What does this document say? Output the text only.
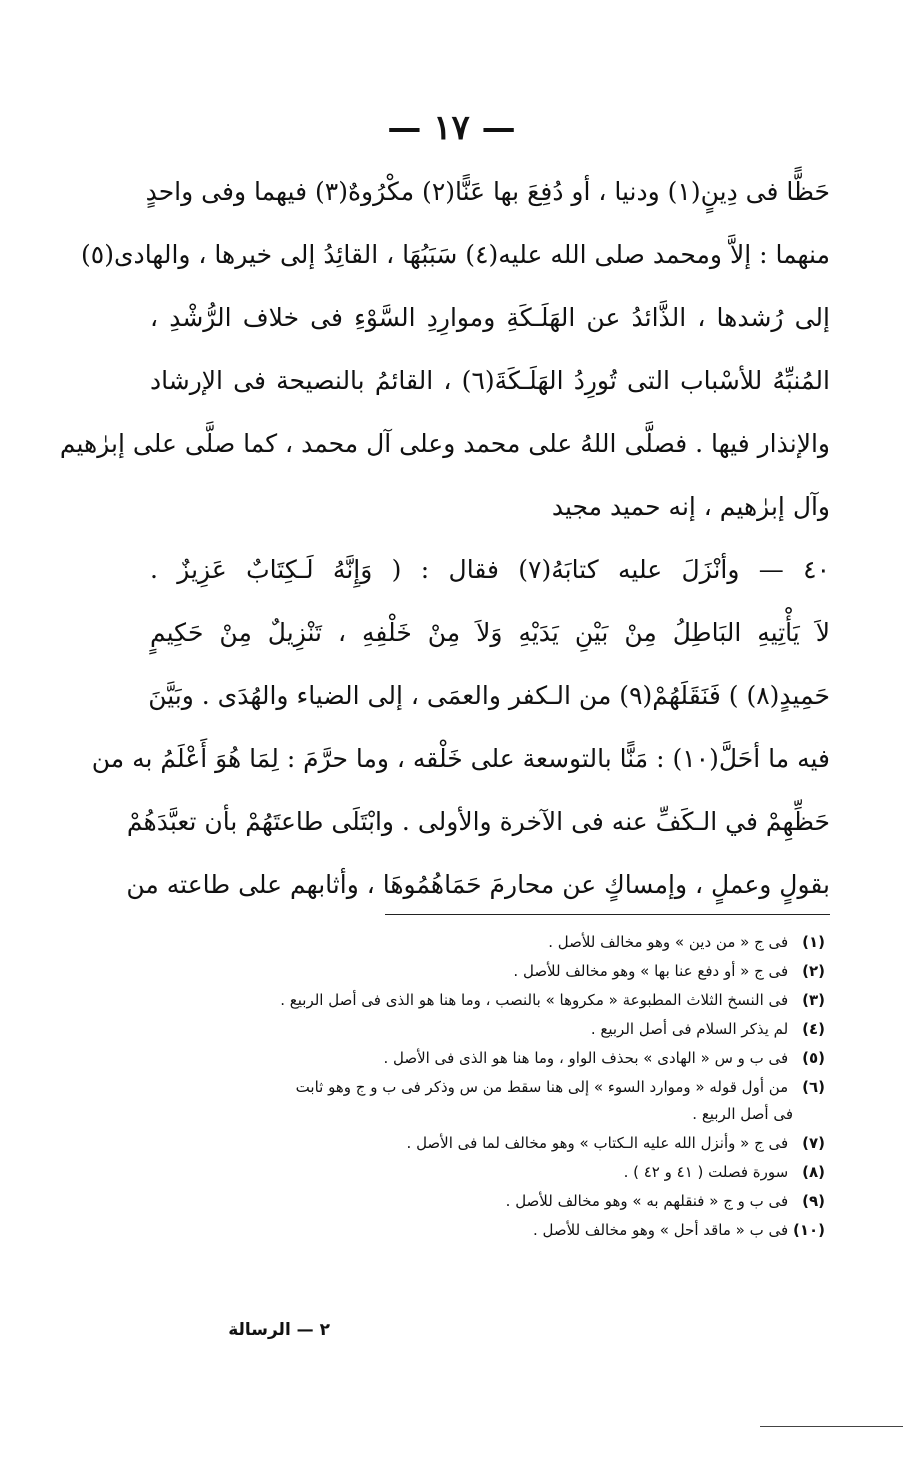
— ١٧ —
حَظًّا فى دِينٍ(١) ودنيا ، أو دُفِعَ بها عَنًّا(٢) مكْرُوهٌ(٣) فيهما وفى واحدٍ
منهما : إلاَّ ومحمد صلى الله عليه(٤) سَبَبُهَا ، القائِدُ إلى خيرها ، والهادى(٥)
إلى رُشدها ، الذَّائدُ عن الهَلَـكَةِ وموارِدِ السَّوْءِ فى خلاف الرُّشْدِ ،
المُنبِّهُ للأسْباب التى تُورِدُ الهَلَـكَةَ(٦) ، القائمُ بالنصيحة فى الإرشاد
والإنذار فيها . فصلَّى اللهُ على محمد وعلى آل محمد ، كما صلَّى على إبرٰهيم
وآل إبرٰهيم ، إنه حميد مجيد
٤٠ — وأنْزَلَ عليه كتابَهُ(٧) فقال : ( وَإِنَّهُ لَـكِتَابٌ عَزِيزٌ .
لاَ يَأْتِيهِ البَاطِلُ مِنْ بَيْنِ يَدَيْهِ وَلاَ مِنْ خَلْفِهِ ، تَنْزِيلٌ مِنْ حَكِيمٍ
حَمِيدٍ(٨) ) فَنَقَلَهُمْ(٩) من الـكفر والعمَى ، إلى الضياء والهُدَى . وبَيَّنَ
فيه ما أحَلَّ(١٠) : مَنًّا بالتوسعة على خَلْقه ، وما حرَّمَ : لِمَا هُوَ أَعْلَمُ به من
حَظِّهِمْ في الـكَفِّ عنه فى الآخرة والأولى . وابْتَلَى طاعتَهُمْ بأن تعبَّدَهُمْ
بقولٍ وعملٍ ، وإمساكٍ عن محارمَ حَمَاهُمُوهَا ، وأثابهم على طاعته من
(١) فى ج « من دين » وهو مخالف للأصل .
(٢) فى ج « أو دفع عنا بها » وهو مخالف للأصل .
(٣) فى النسخ الثلاث المطبوعة « مكروها » بالنصب ، وما هنا هو الذى فى أصل الربيع .
(٤) لم يذكر السلام فى أصل الربيع .
(٥) فى ب و س « الهادى » بحذف الواو ، وما هنا هو الذى فى الأصل .
(٦) من أول قوله « وموارد السوء » إلى هنا سقط من س وذكر فى ب و ج وهو ثابت
فى أصل الربيع .
(٧) فى ج « وأنزل الله عليه الـكتاب » وهو مخالف لما فى الأصل .
(٨) سورة فصلت ( ٤١ و ٤٢ ) .
(٩) فى ب و ج « فنقلهم به » وهو مخالف للأصل .
(١٠) فى ب « ماقد أحل » وهو مخالف للأصل .
٢ — الرسالة
